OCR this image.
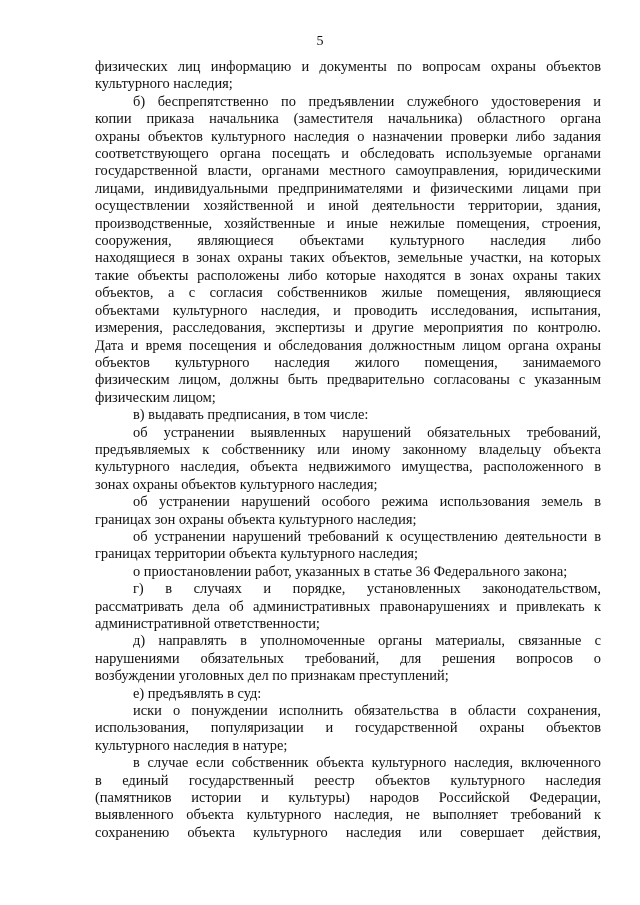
5

физических лиц информацию и документы по вопросам охраны объектов

культурного наследия;

б) беспрепятственно по предъявлении служебного удостоверения и

копии приказа начальника (заместителя начальника) областного органа

охраны объектов культурного наследия о назначении проверки либо задания

соответствующего органа посещать и обследовать используемые органами

государственной власти, органами местного самоуправления, юридическими

лицами, индивидуальными предпринимателями и физическими лицами при

осуществлении хозяйственной и иной деятельности территории, здания,

производственные, хозяйственные и иные нежилые помещения, строения,

сооружения, являющиеся объектами культурного наследия либо

находящиеся в зонах охраны таких объектов, земельные участки, на которых

такие объекты расположены либо которые находятся в зонах охраны таких

объектов, а с согласия собственников жилые помещения, являющиеся

объектами культурного наследия, и проводить исследования, испытания,

измерения, расследования, экспертизы и другие мероприятия по контролю.

Дата и время посещения и обследования должностным лицом органа охраны

объектов культурного наследия жилого помещения, занимаемого

физическим лицом, должны быть предварительно согласованы с указанным

физическим лицом;

в) выдавать предписания, в том числе:

об устранении выявленных нарушений обязательных требований,

предъявляемых к собственнику или иному законному владельцу объекта

культурного наследия, объекта недвижимого имущества, расположенного в

зонах охраны объектов культурного наследия;

об устранении нарушений особого режима использования земель в

границах зон охраны объекта культурного наследия;

об устранении нарушений требований к осуществлению деятельности в

границах территории объекта культурного наследия;

о приостановлении работ, указанных в статье 36 Федерального закона;

г) в случаях и порядке, установленных законодательством,

рассматривать дела об административных правонарушениях и привлекать к

административной ответственности;

д) направлять в уполномоченные органы материалы, связанные с

нарушениями обязательных требований, для решения вопросов о

возбуждении уголовных дел по признакам преступлений;

е) предъявлять в суд:

иски о понуждении исполнить обязательства в области сохранения,

использования, популяризации и государственной охраны объектов

культурного наследия в натуре;

в случае если собственник объекта культурного наследия, включенного

в единый государственный реестр объектов культурного наследия

(памятников истории и культуры) народов Российской Федерации,

выявленного объекта культурного наследия, не выполняет требований к

сохранению объекта культурного наследия или совершает действия,
